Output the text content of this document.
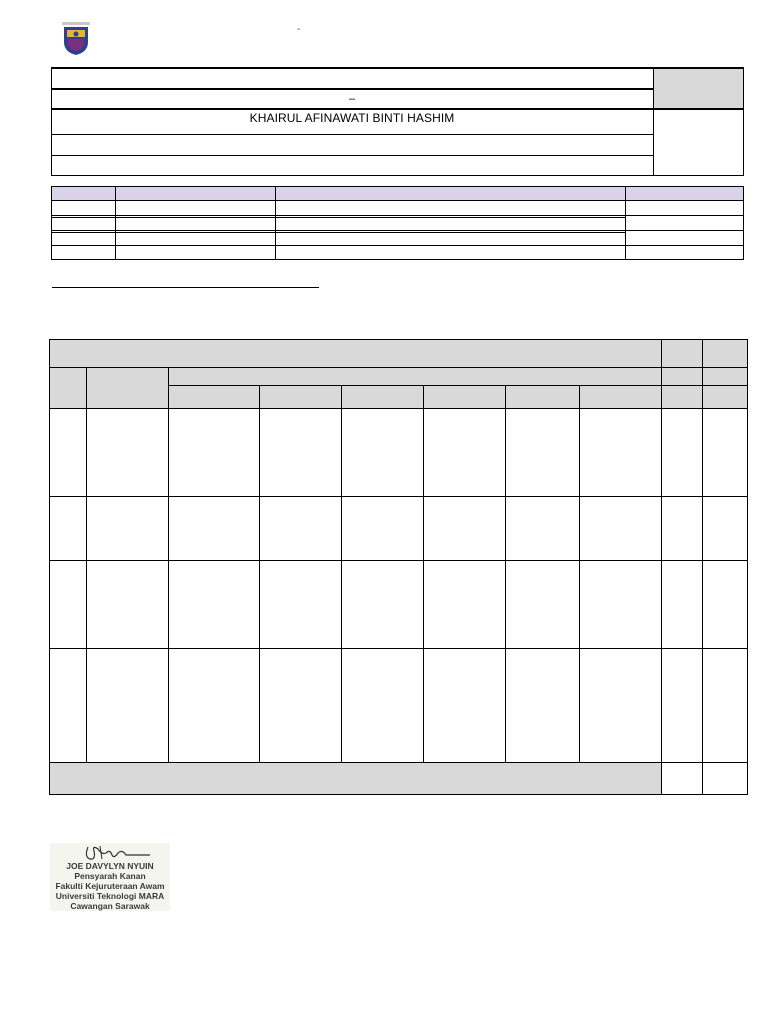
-
–
KHAIRUL AFINAWATI BINTI HASHIM
JOE DAVYLYN NYUIN
Pensyarah Kanan
Fakulti Kejuruteraan Awam
Universiti Teknologi MARA
Cawangan Sarawak
